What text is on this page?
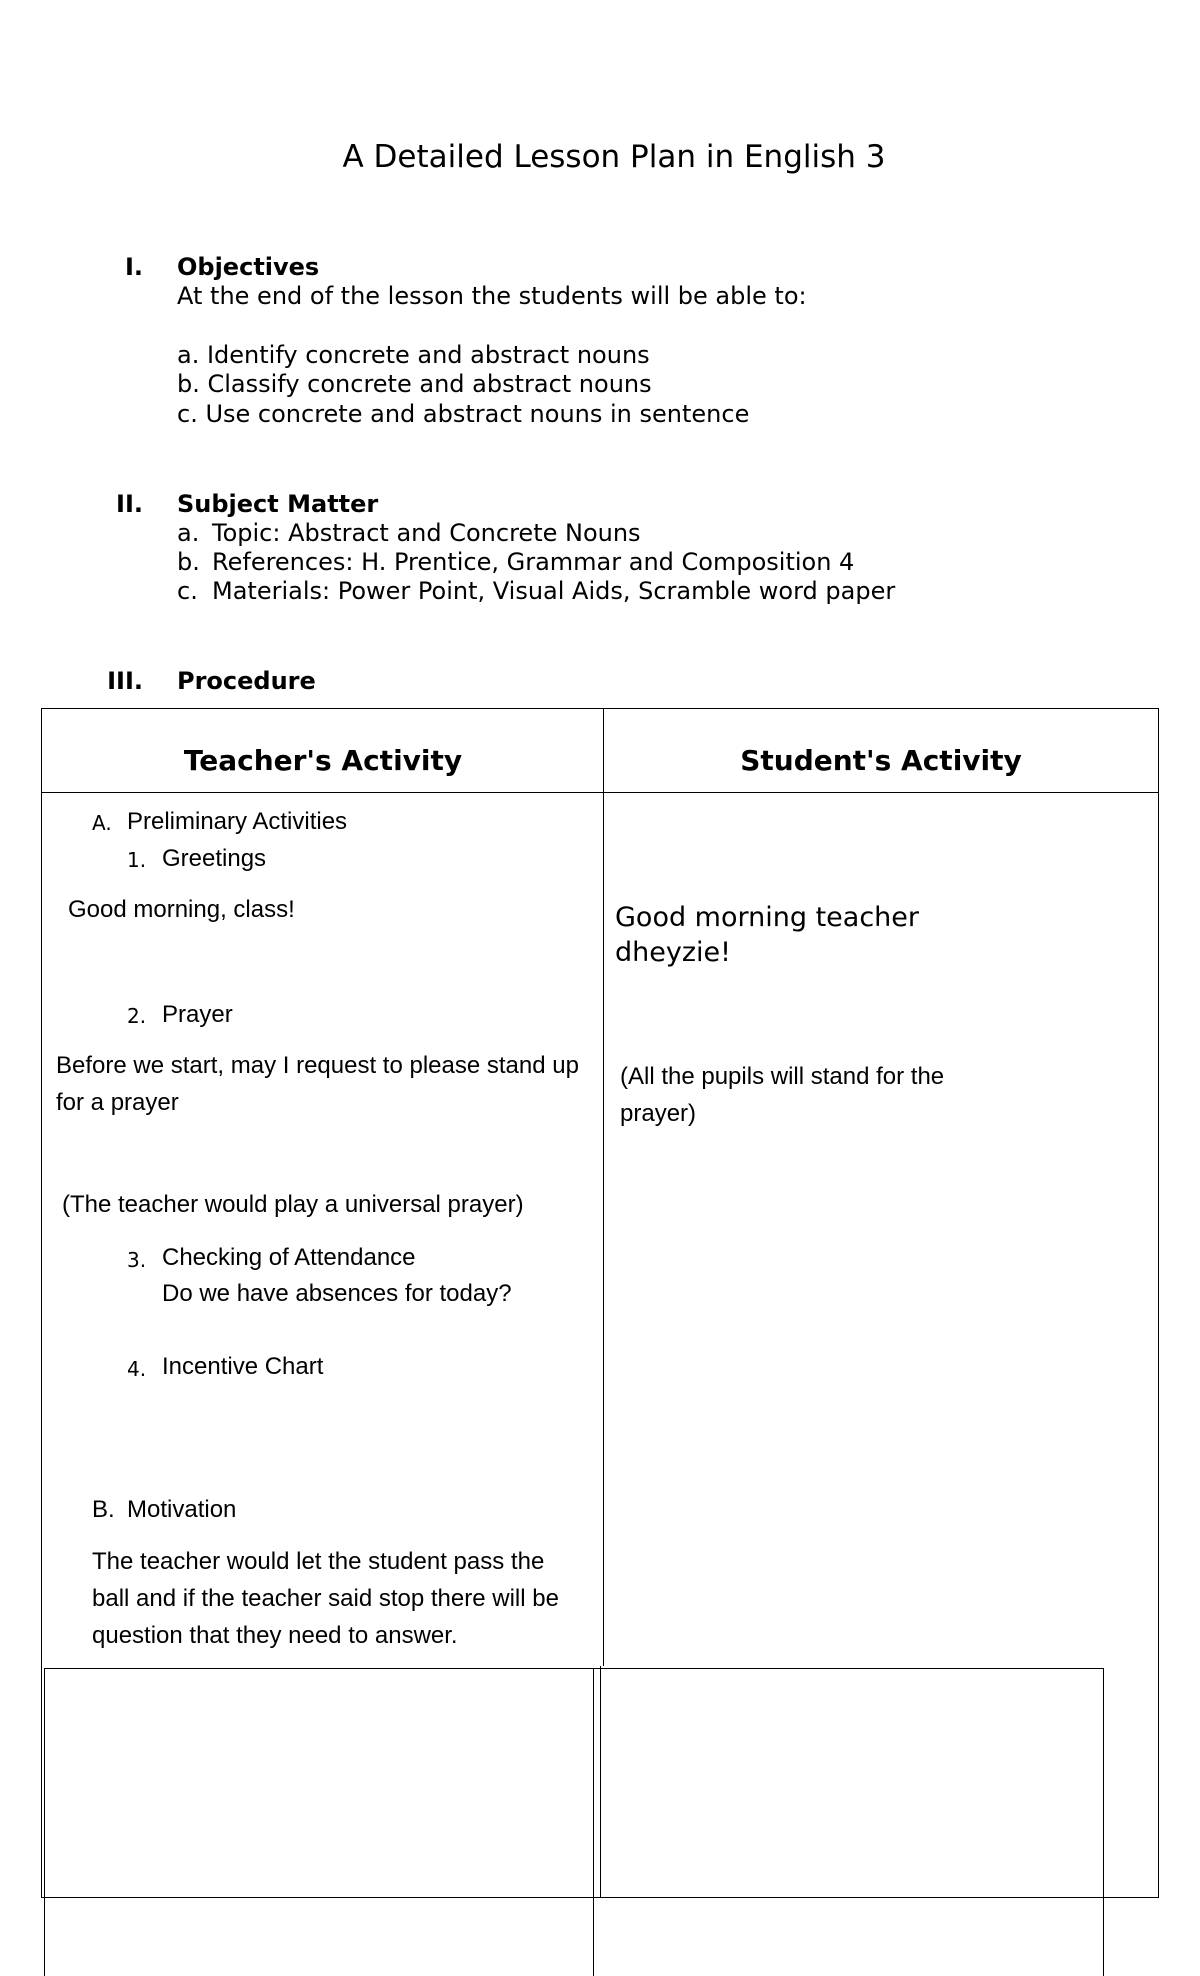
A Detailed Lesson Plan in English 3
I. Objectives
At the end of the lesson the students will be able to:
a. Identify concrete and abstract nouns
b. Classify concrete and abstract nouns
c. Use concrete and abstract nouns in sentence
II. Subject Matter
a. Topic: Abstract and Concrete Nouns
b. References: H. Prentice, Grammar and Composition 4
c. Materials: Power Point, Visual Aids, Scramble word paper
III. Procedure
Teacher's Activity	Student's Activity
A. Preliminary Activities
1. Greetings
Good morning, class!
2. Prayer
Before we start, may I request to please stand up
for a prayer
(The teacher would play a universal prayer)
3. Checking of Attendance
Do we have absences for today?
4. Incentive Chart
B. Motivation
The teacher would let the student pass the
ball and if the teacher said stop there will be
question that they need to answer.
Good morning teacher
dheyzie!
(All the pupils will stand for the
prayer)
